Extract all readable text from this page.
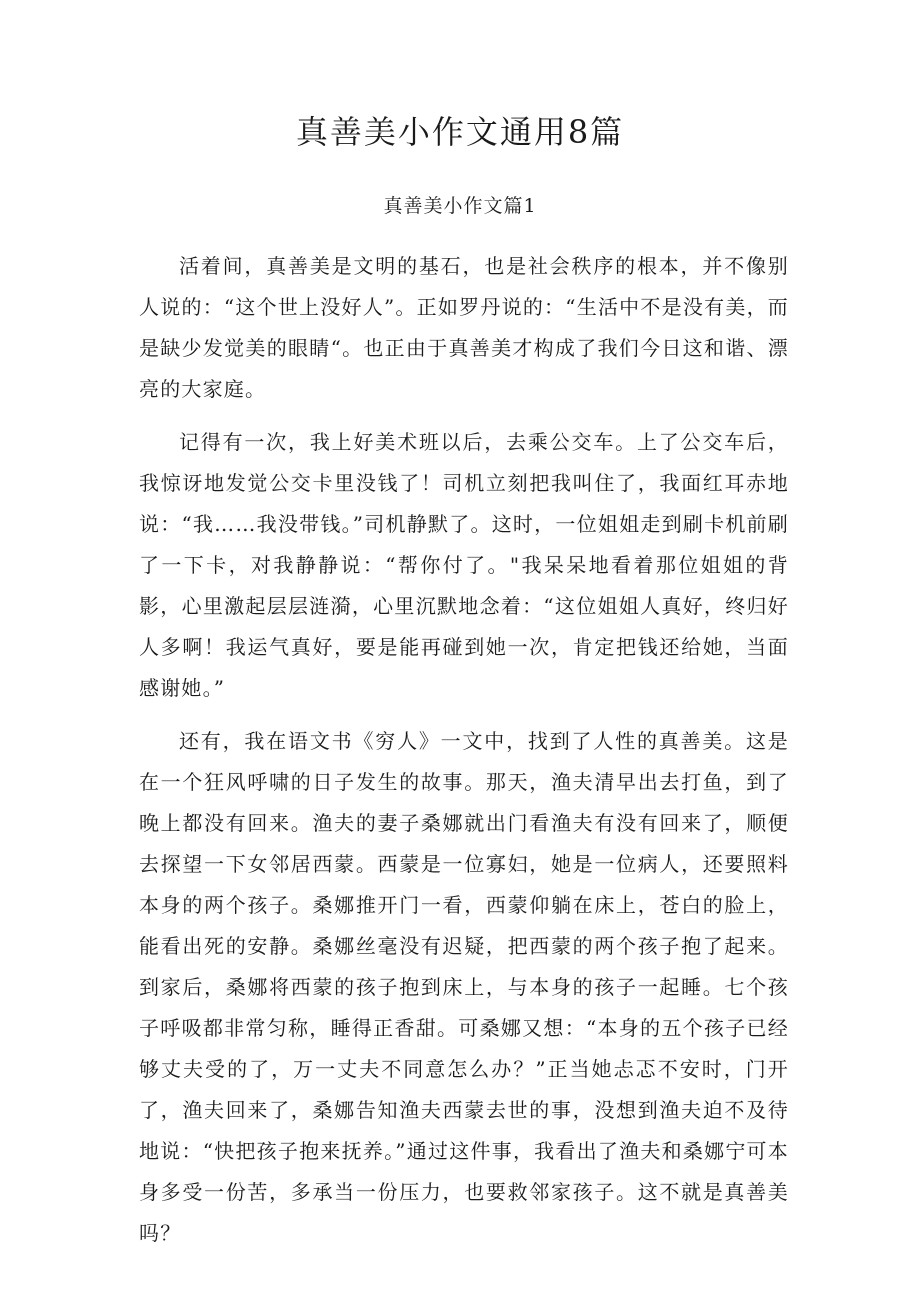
真善美小作文通用8篇
真善美小作文篇1

活着间，真善美是文明的基石，也是社会秩序的根本，并不像别人说的：“这个世上没好人”。正如罗丹说的：“生活中不是没有美，而是缺少发觉美的眼睛“。也正由于真善美才构成了我们今日这和谐、漂亮的大家庭。

记得有一次，我上好美术班以后，去乘公交车。上了公交车后，我惊讶地发觉公交卡里没钱了！司机立刻把我叫住了，我面红耳赤地说：“我……我没带钱。”司机静默了。这时，一位姐姐走到刷卡机前刷了一下卡，对我静静说：“帮你付了。"我呆呆地看着那位姐姐的背影，心里激起层层涟漪，心里沉默地念着：“这位姐姐人真好，终归好人多啊！我运气真好，要是能再碰到她一次，肯定把钱还给她，当面感谢她。”

还有，我在语文书《穷人》一文中，找到了人性的真善美。这是在一个狂风呼啸的日子发生的故事。那天，渔夫清早出去打鱼，到了晚上都没有回来。渔夫的妻子桑娜就出门看渔夫有没有回来了，顺便去探望一下女邻居西蒙。西蒙是一位寡妇，她是一位病人，还要照料本身的两个孩子。桑娜推开门一看，西蒙仰躺在床上，苍白的脸上，能看出死的安静。桑娜丝毫没有迟疑，把西蒙的两个孩子抱了起来。到家后，桑娜将西蒙的孩子抱到床上，与本身的孩子一起睡。七个孩子呼吸都非常匀称，睡得正香甜。可桑娜又想：“本身的五个孩子已经够丈夫受的了，万一丈夫不同意怎么办？”正当她忐忑不安时，门开了，渔夫回来了，桑娜告知渔夫西蒙去世的事，没想到渔夫迫不及待地说：“快把孩子抱来抚养。”通过这件事，我看出了渔夫和桑娜宁可本身多受一份苦，多承当一份压力，也要救邻家孩子。这不就是真善美吗？
